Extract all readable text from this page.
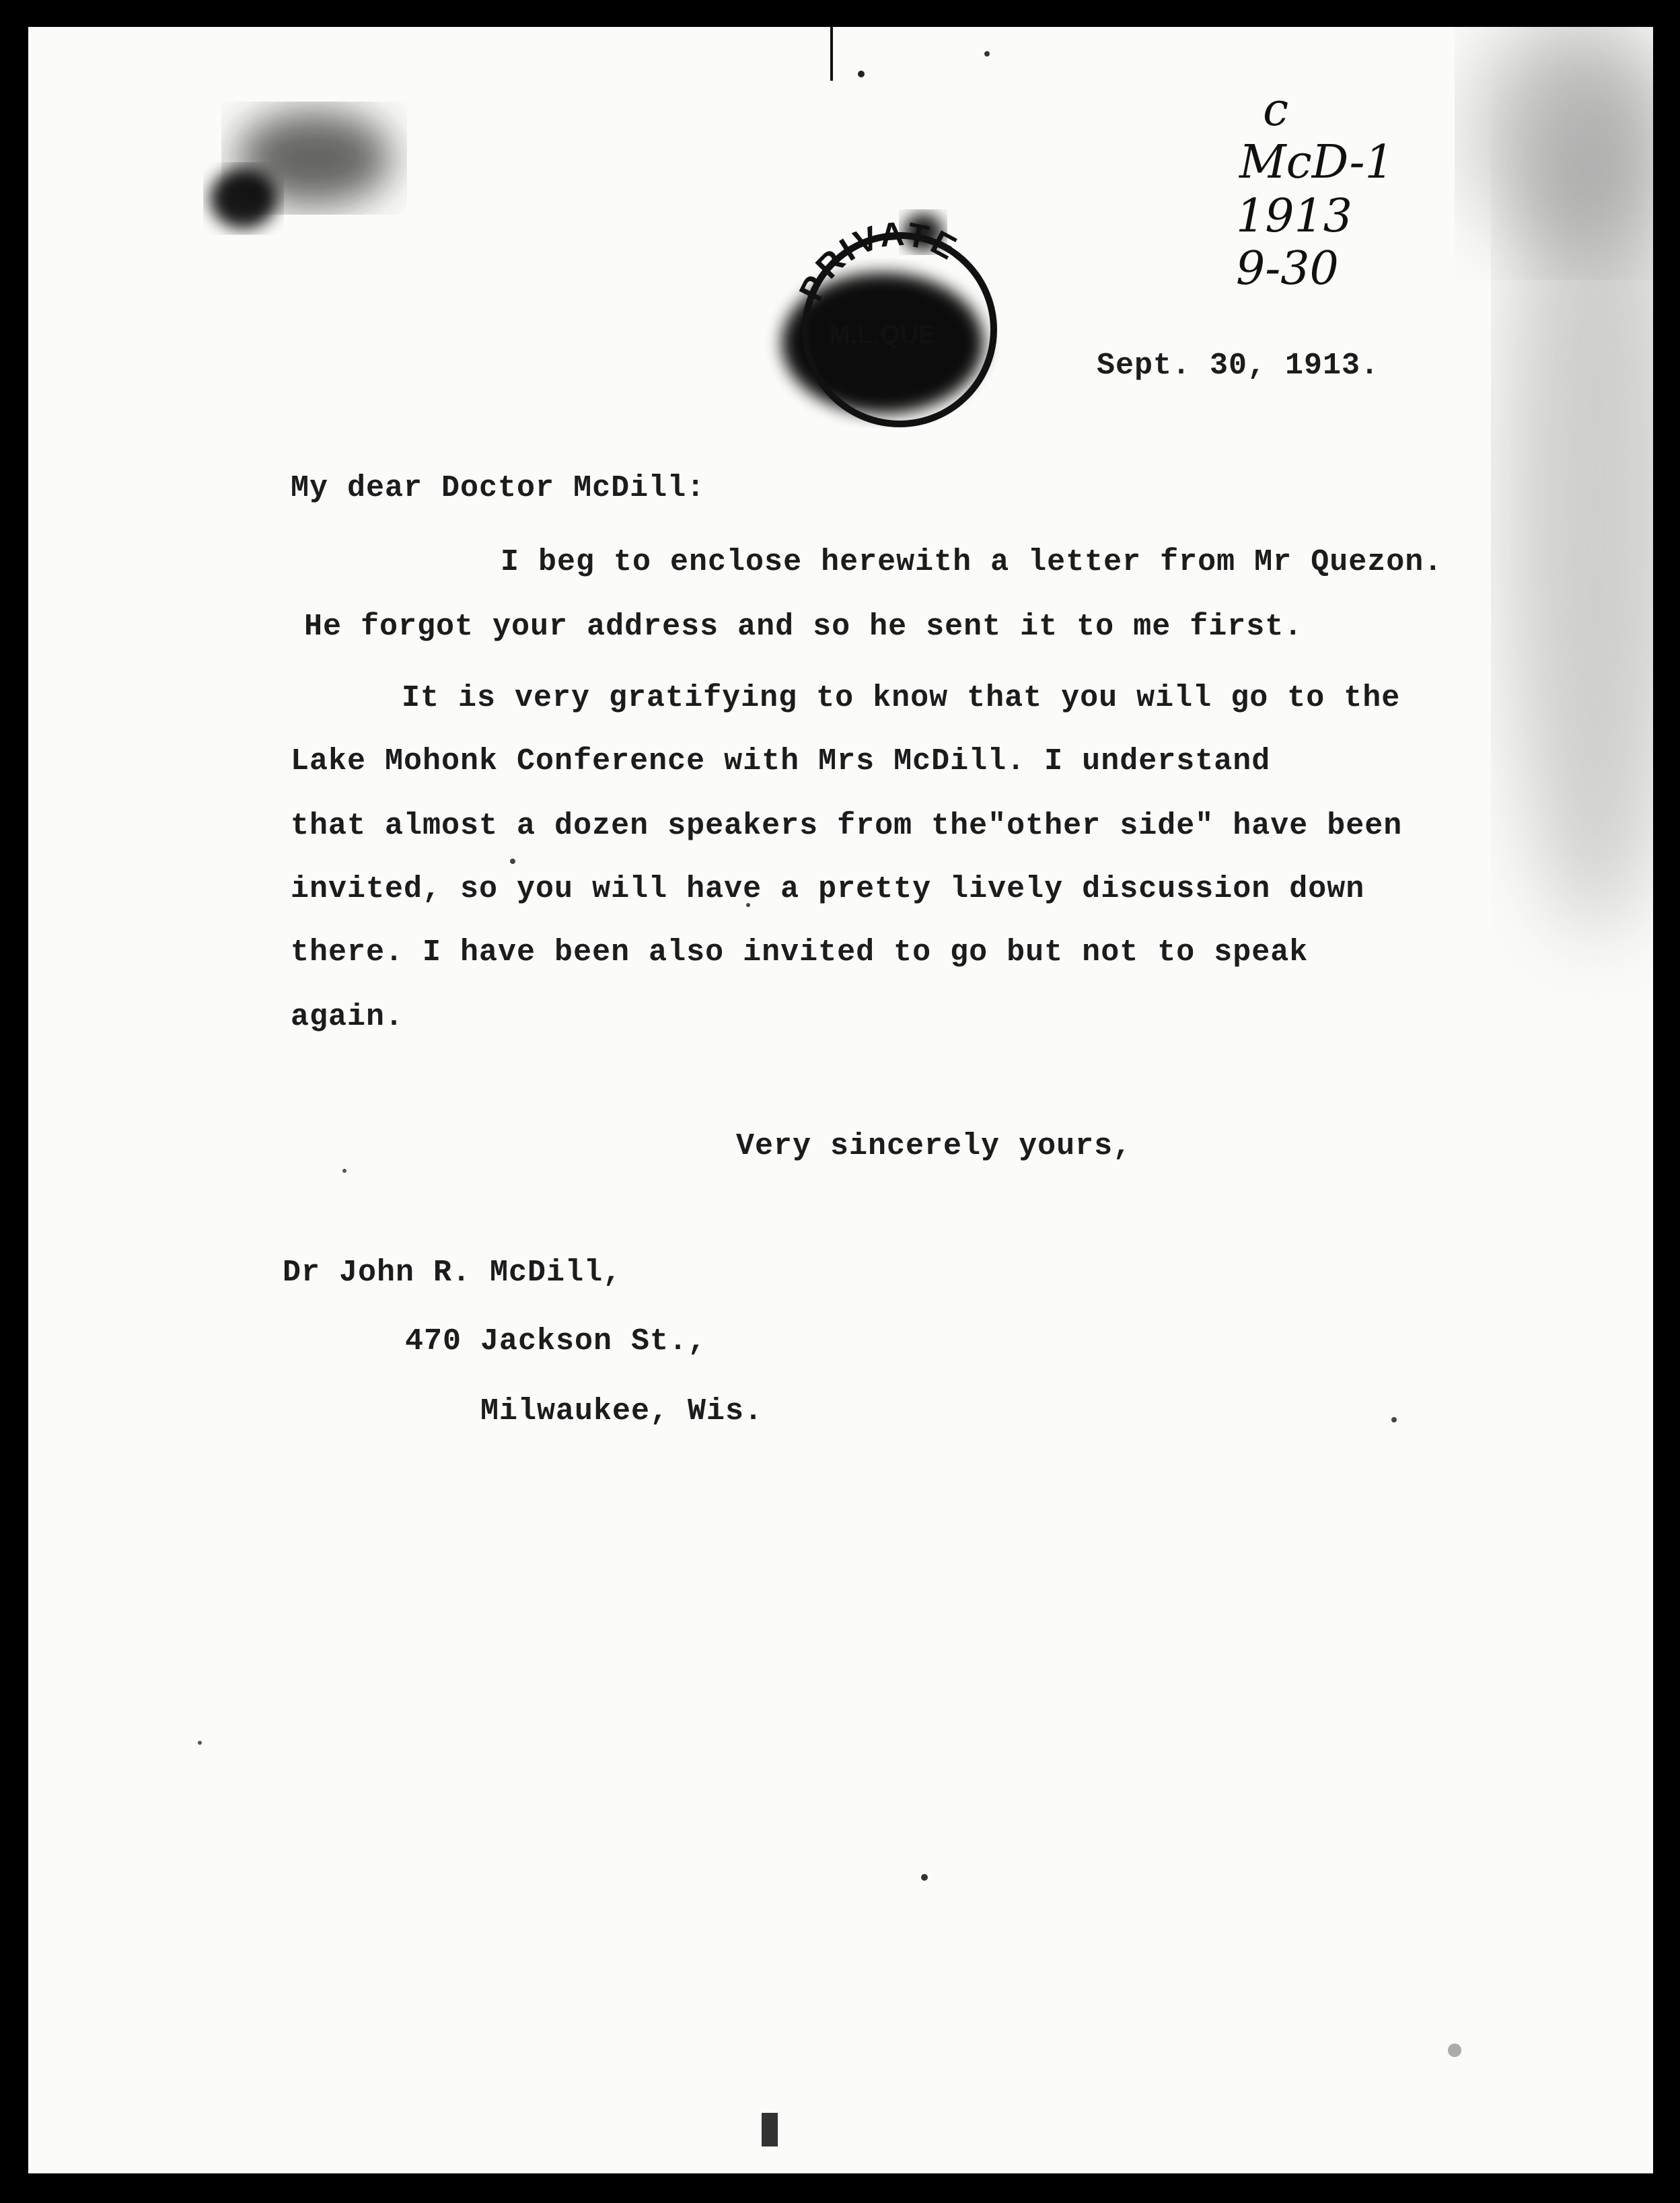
c

McD-1

1913

9-30

PRIVATE
M.L.QUE

Sept. 30, 1913.

My dear Doctor McDill:

I beg to enclose herewith a letter from Mr Quezon.

He forgot your address and so he sent it to me first.

It is very gratifying to know that you will go to the

Lake Mohonk Conference with Mrs McDill. I understand

that almost a dozen speakers from the"other side" have been

invited, so you will have a pretty lively discussion down

there. I have been also invited to go but not to speak

again.

Very sincerely yours,

Dr John R. McDill,

470 Jackson St.,

Milwaukee, Wis.
